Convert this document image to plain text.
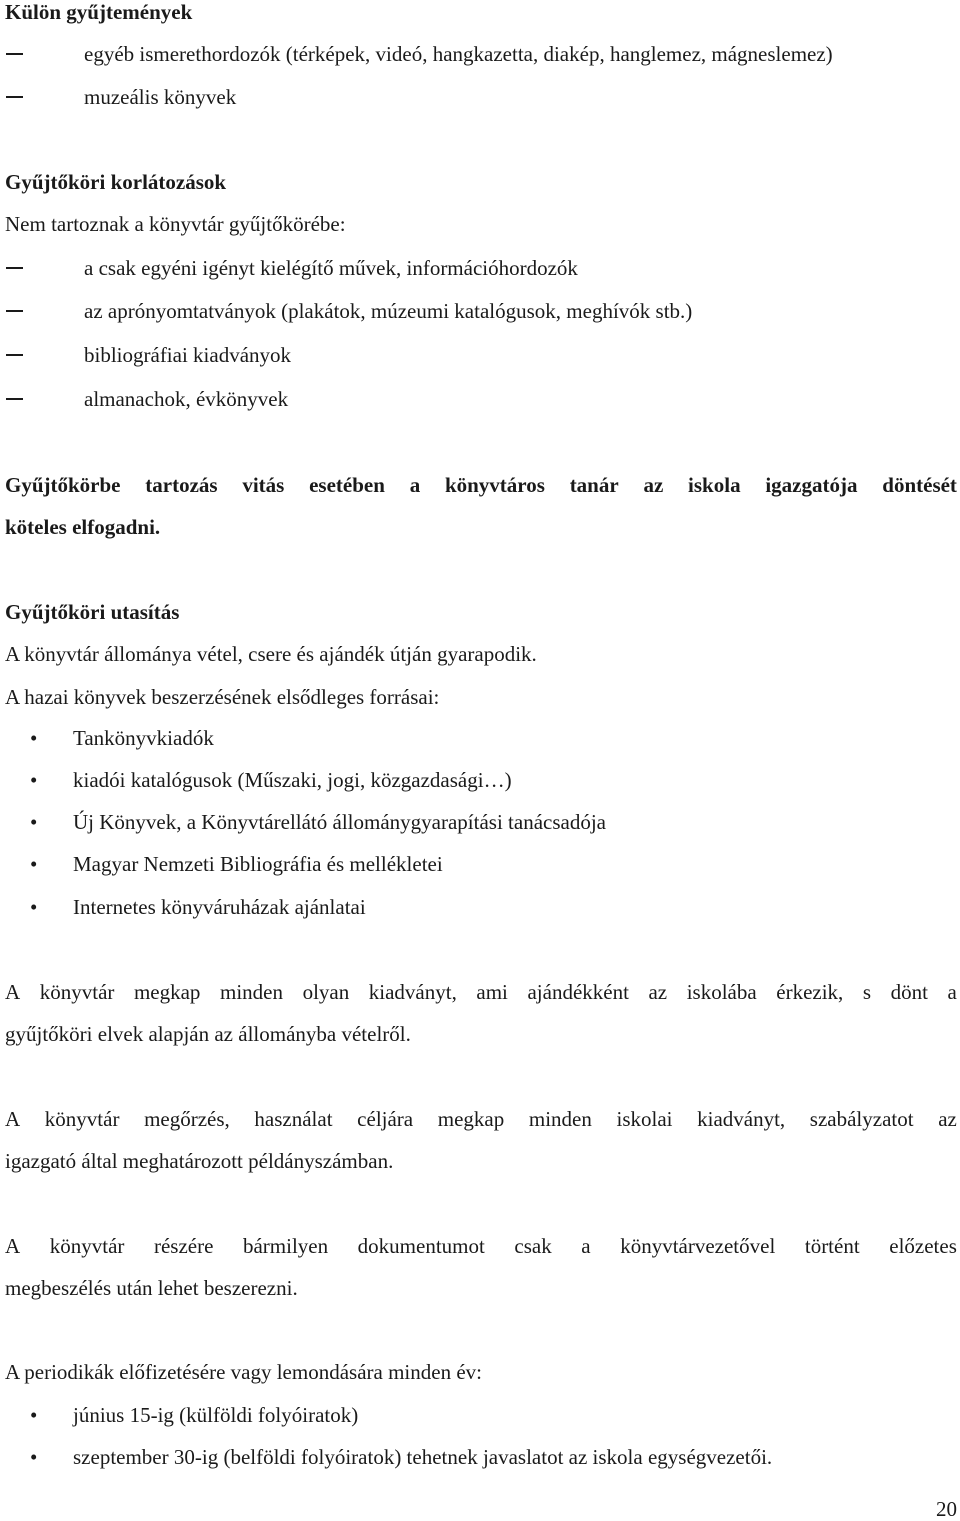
Külön gyűjtemények
egyéb ismerethordozók (térképek, videó, hangkazetta, diakép, hanglemez, mágneslemez)
muzeális könyvek
Gyűjtőköri korlátozások
Nem tartoznak a könyvtár gyűjtőkörébe:
a csak egyéni igényt kielégítő művek, információhordozók
az aprónyomtatványok (plakátok, múzeumi katalógusok, meghívók stb.)
bibliográfiai kiadványok
almanachok, évkönyvek
Gyűjtőkörbe tartozás vitás esetében a könyvtáros tanár az iskola igazgatója döntését
köteles elfogadni.
Gyűjtőköri utasítás
A könyvtár állománya vétel, csere és ajándék útján gyarapodik.
A hazai könyvek beszerzésének elsődleges forrásai:
• Tankönyvkiadók
• kiadói katalógusok (Műszaki, jogi, közgazdasági…)
• Új Könyvek, a Könyvtárellátó állománygyarapítási tanácsadója
• Magyar Nemzeti Bibliográfia és mellékletei
• Internetes könyváruházak ajánlatai
A könyvtár megkap minden olyan kiadványt, ami ajándékként az iskolába érkezik, s dönt a
gyűjtőköri elvek alapján az állományba vételről.
A könyvtár megőrzés, használat céljára megkap minden iskolai kiadványt, szabályzatot az
igazgató által meghatározott példányszámban.
A könyvtár részére bármilyen dokumentumot csak a könyvtárvezetővel történt előzetes
megbeszélés után lehet beszerezni.
A periodikák előfizetésére vagy lemondására minden év:
• június 15-ig (külföldi folyóiratok)
• szeptember 30-ig (belföldi folyóiratok) tehetnek javaslatot az iskola egységvezetői.
20
